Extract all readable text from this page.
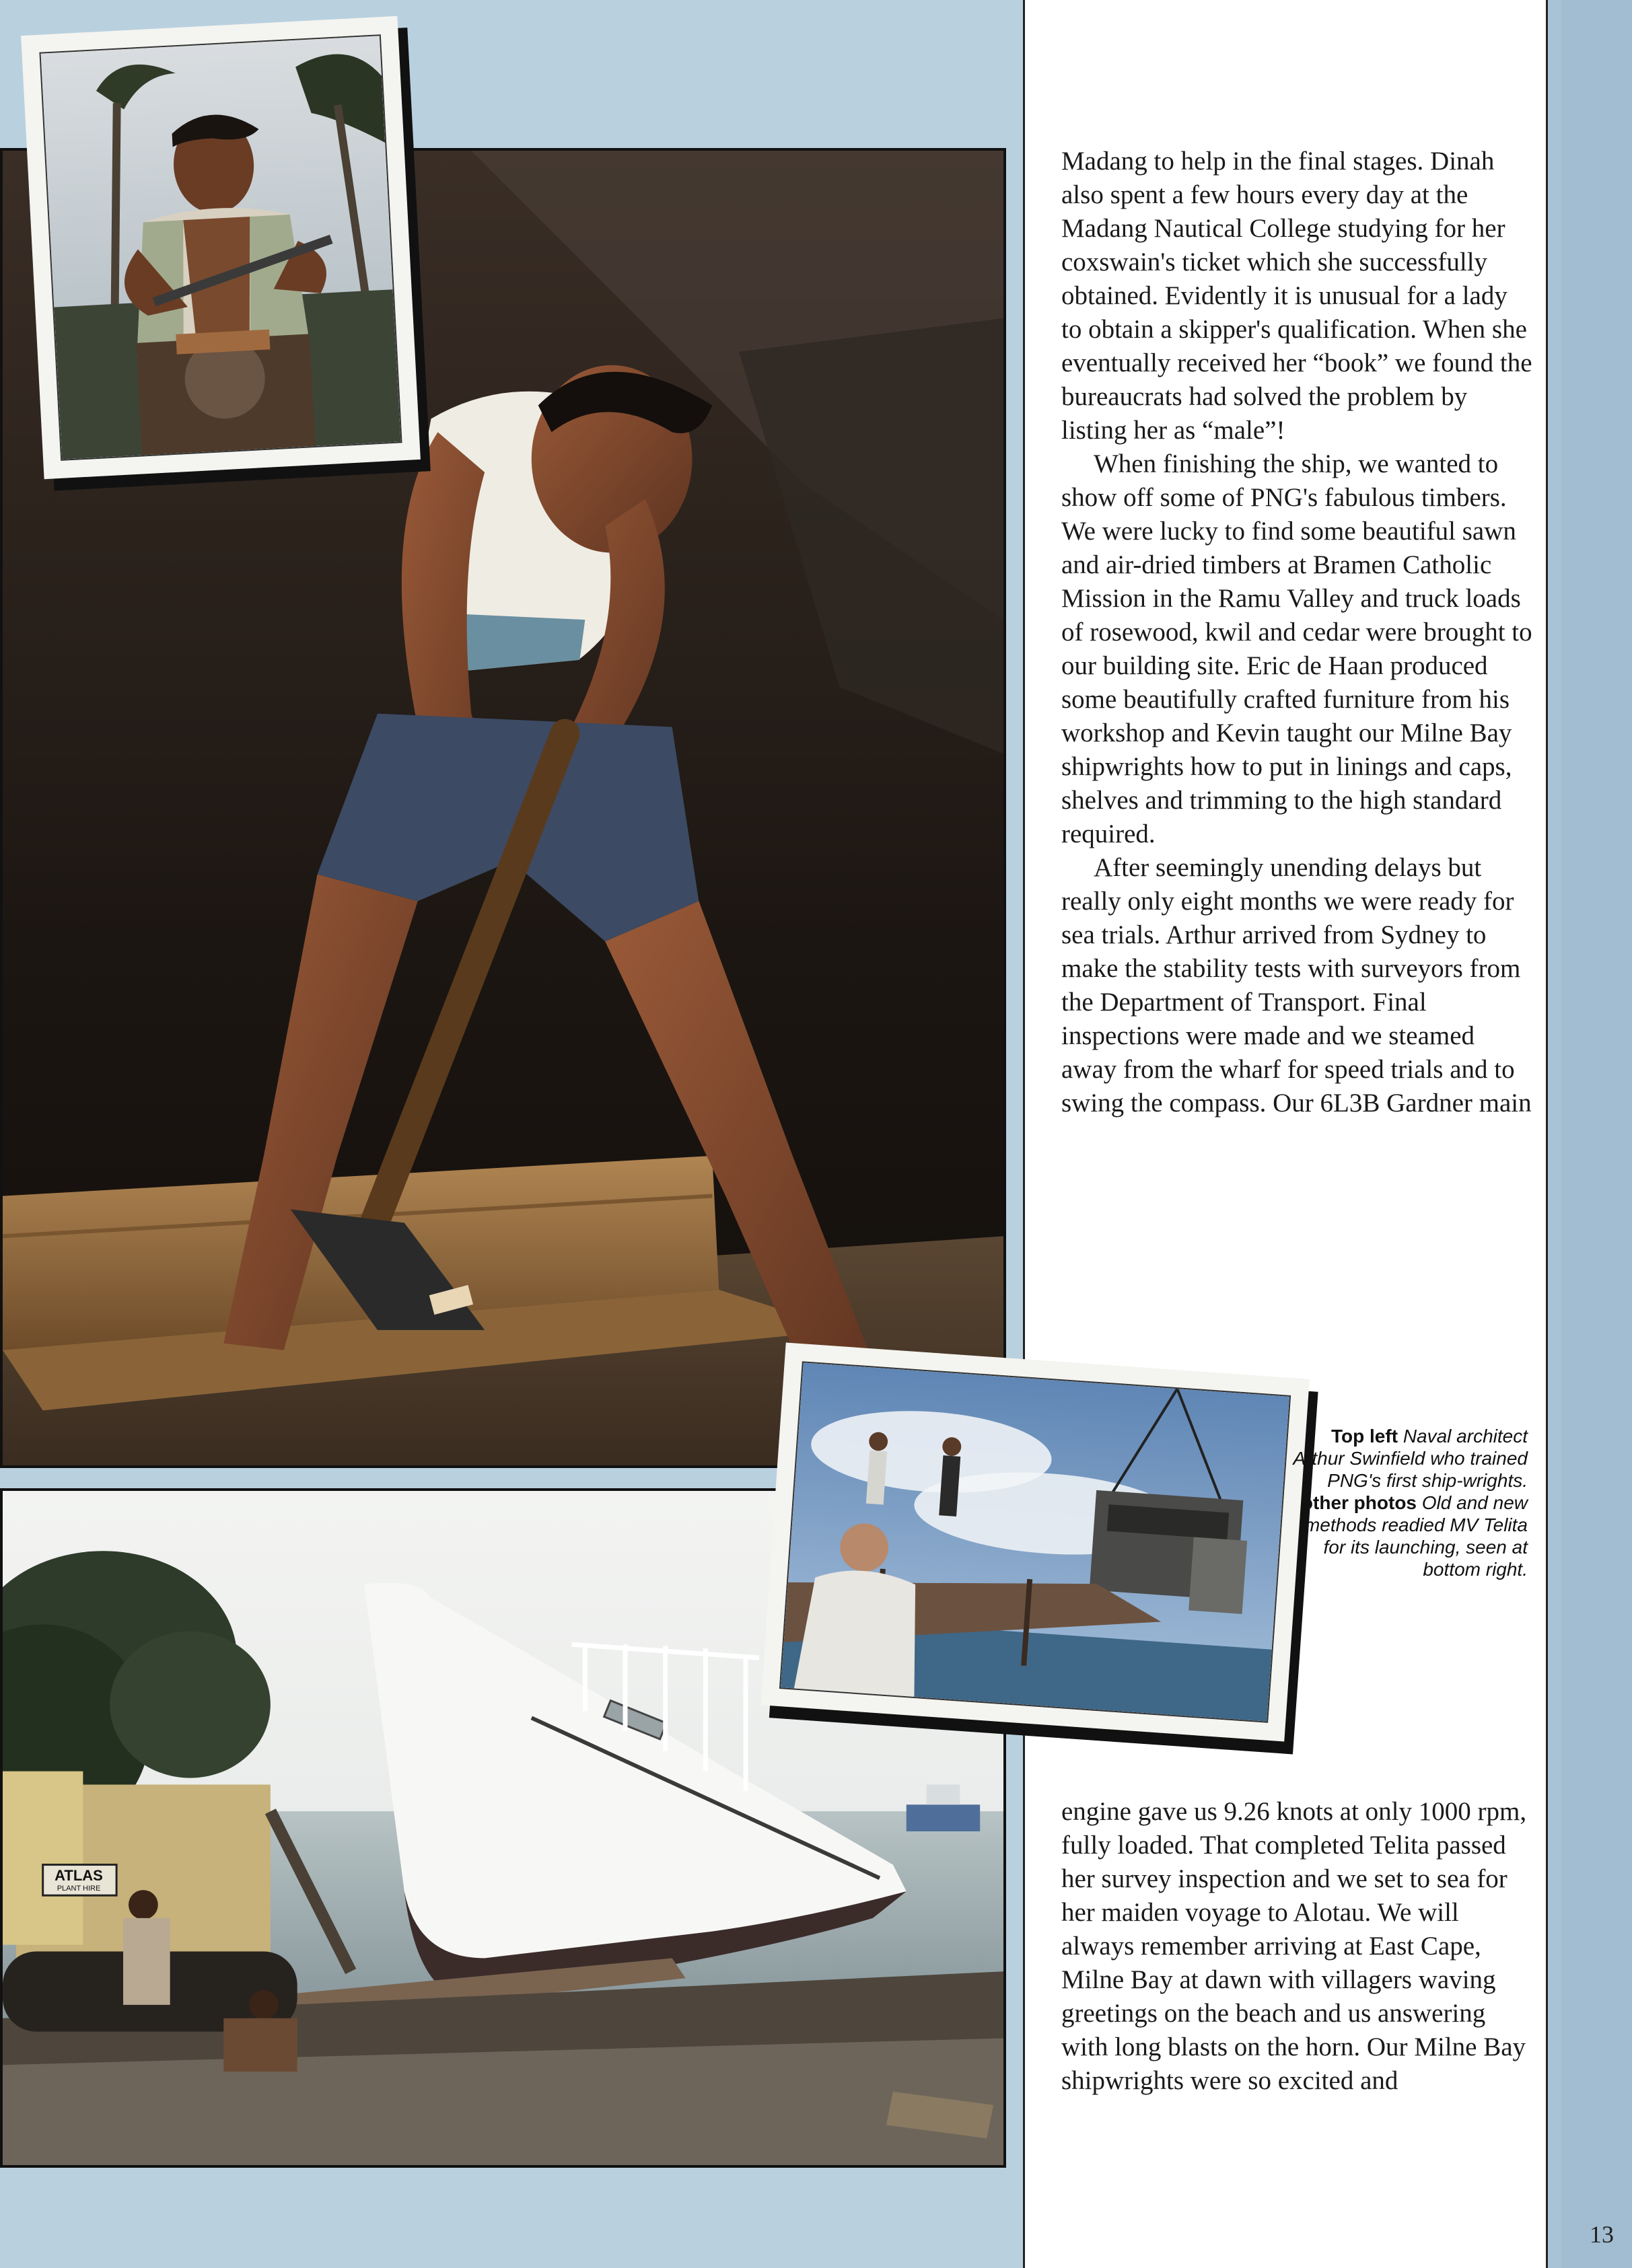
ATLAS
PLANT HIRE

Madang to help in the final stages. Dinah also spent a few hours every day at the Madang Nautical College studying for her coxswain's ticket which she successfully obtained. Evidently it is unusual for a lady to obtain a skipper's qualification. When she eventually received her “book” we found the bureaucrats had solved the problem by listing her as “male”!

When finishing the ship, we wanted to show off some of PNG's fabulous timbers. We were lucky to find some beautiful sawn and air-dried timbers at Bramen Catholic Mission in the Ramu Valley and truck loads of rosewood, kwil and cedar were brought to our building site. Eric de Haan produced some beautifully crafted furniture from his workshop and Kevin taught our Milne Bay shipwrights how to put in linings and caps, shelves and trimming to the high standard required.

After seemingly unending delays but really only eight months we were ready for sea trials. Arthur arrived from Sydney to make the stability tests with surveyors from the Department of Transport. Final inspections were made and we steamed away from the wharf for speed trials and to swing the compass. Our 6L3B Gardner main

engine gave us 9.26 knots at only 1000 rpm, fully loaded. That completed Telita passed her survey inspection and we set to sea for her maiden voyage to Alotau. We will always remember arriving at East Cape, Milne Bay at dawn with villagers waving greetings on the beach and us answering with long blasts on the horn. Our Milne Bay shipwrights were so excited and

Top left Naval architect Arthur Swinfield who trained PNG's first ship-wrights. other photos Old and new methods readied MV Telita for its launching, seen at bottom right.
13
